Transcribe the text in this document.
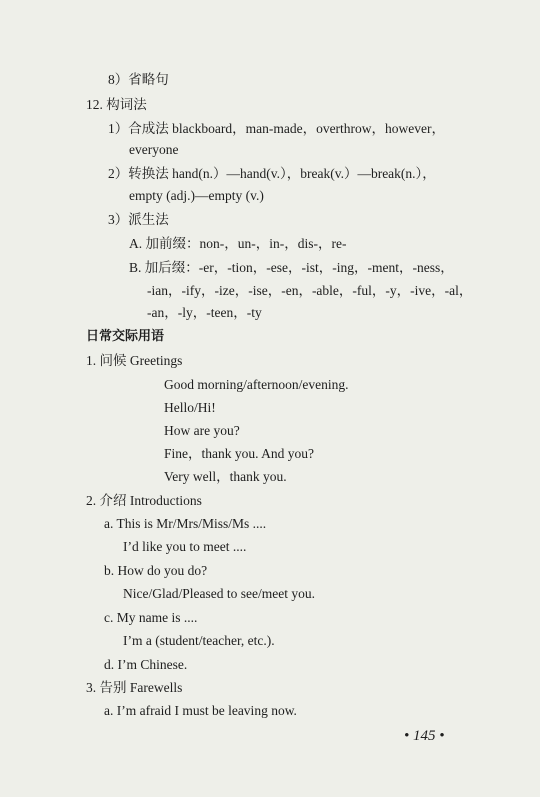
8）省略句
12. 构词法
1）合成法 blackboard，man-made，overthrow，however，
everyone
2）转换法 hand(n.）—hand(v.），break(v.）—break(n.），
empty (adj.)—empty (v.)
3）派生法
A. 加前缀：non-，un-，in-，dis-，re-
B. 加后缀：-er，-tion，-ese，-ist，-ing，-ment，-ness，
-ian，-ify，-ize，-ise，-en，-able，-ful，-y，-ive，-al，
-an，-ly，-teen，-ty
日常交际用语
1. 问候 Greetings
Good morning/afternoon/evening.
Hello/Hi!
How are you?
Fine，thank you. And you?
Very well，thank you.
2. 介绍 Introductions
a. This is Mr/Mrs/Miss/Ms ....
I’d like you to meet ....
b. How do you do?
Nice/Glad/Pleased to see/meet you.
c. My name is ....
I’m a (student/teacher, etc.).
d. I’m Chinese.
3. 告别 Farewells
a. I’m afraid I must be leaving now.
• 145 •
